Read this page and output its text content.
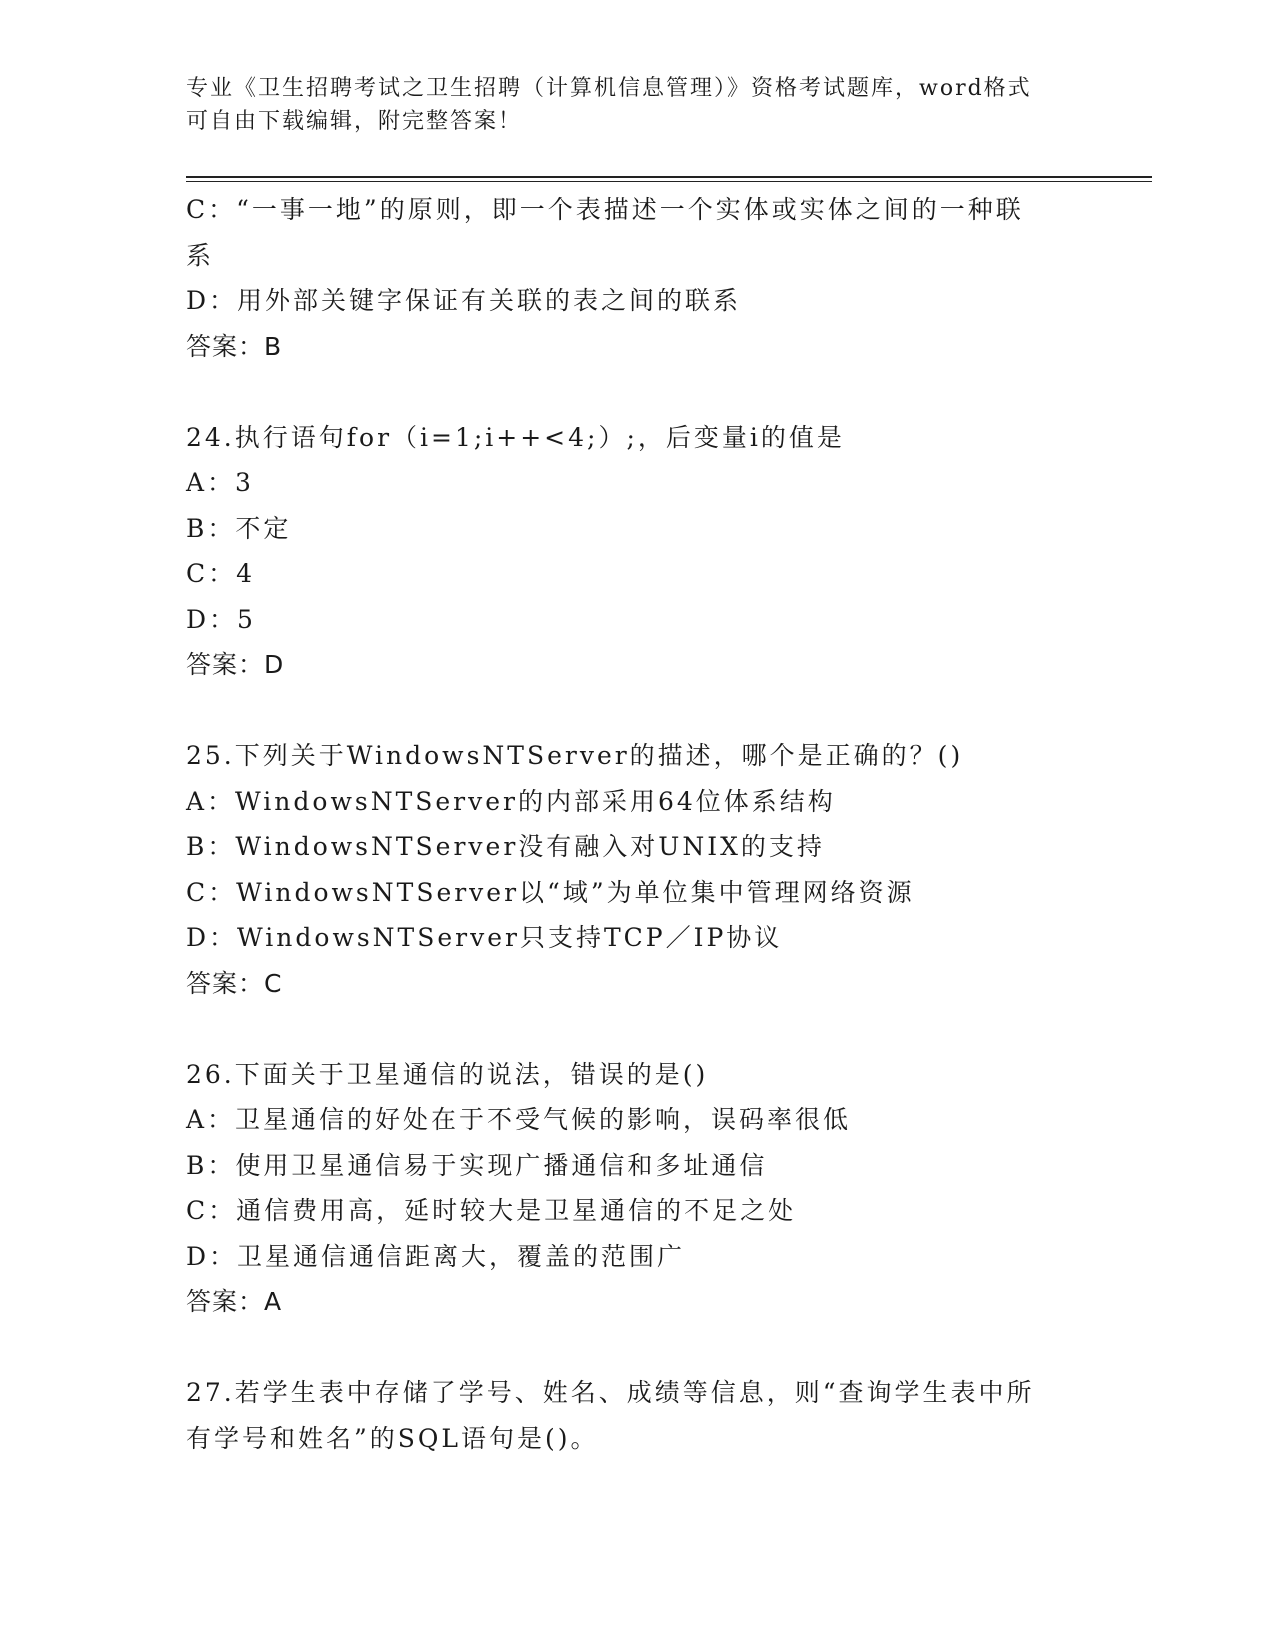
专业《卫生招聘考试之卫生招聘（计算机信息管理）》资格考试题库，word格式
可自由下载编辑，附完整答案！
C：“一事一地”的原则，即一个表描述一个实体或实体之间的一种联
系
D：用外部关键字保证有关联的表之间的联系
答案：B
24.执行语句for（i=1;i++<4;）;，后变量i的值是
A：3
B：不定
C：4
D：5
答案：D
25.下列关于WindowsNTServer的描述，哪个是正确的？()
A：WindowsNTServer的内部采用64位体系结构
B：WindowsNTServer没有融入对UNIX的支持
C：WindowsNTServer以“域”为单位集中管理网络资源
D：WindowsNTServer只支持TCP／IP协议
答案：C
26.下面关于卫星通信的说法，错误的是()
A：卫星通信的好处在于不受气候的影响，误码率很低
B：使用卫星通信易于实现广播通信和多址通信
C：通信费用高，延时较大是卫星通信的不足之处
D：卫星通信通信距离大，覆盖的范围广
答案：A
27.若学生表中存储了学号、姓名、成绩等信息，则“查询学生表中所
有学号和姓名”的SQL语句是()。
